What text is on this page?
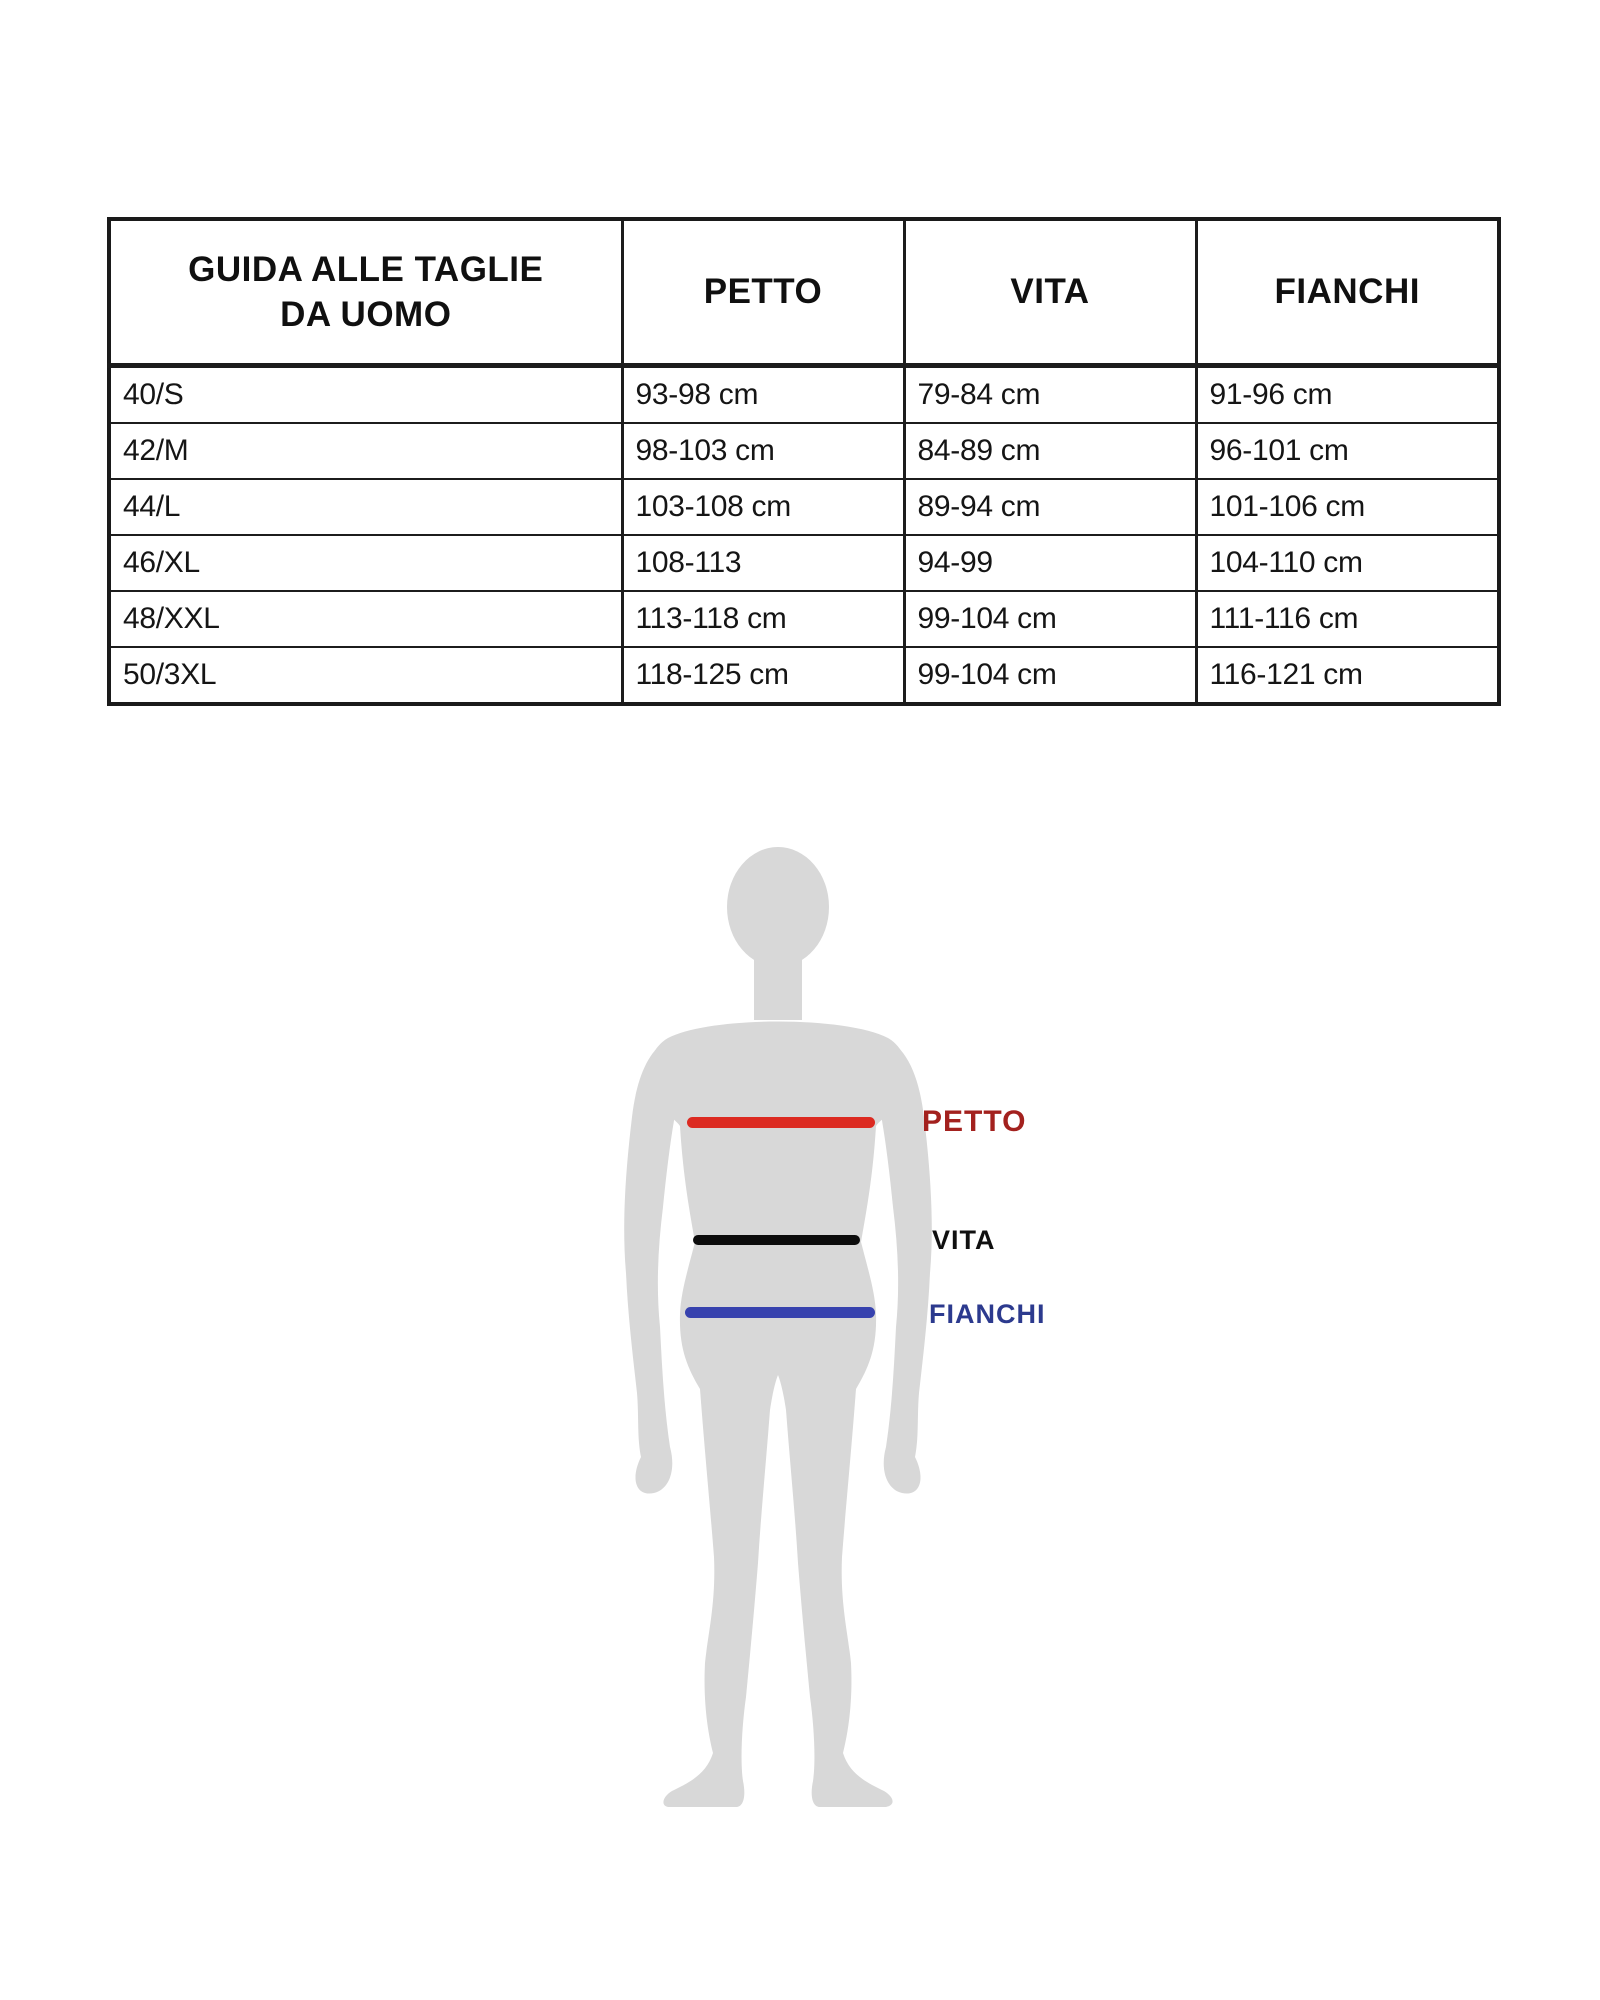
GUIDA ALLE TAGLIE
DA UOMO	PETTO	VITA	FIANCHI
40/S	93-98 cm	79-84 cm	91-96 cm
42/M	98-103 cm	84-89 cm	96-101 cm
44/L	103-108 cm	89-94 cm	101-106 cm
46/XL	108-113	94-99	104-110 cm
48/XXL	113-118 cm	99-104 cm	111-116 cm
50/3XL	118-125 cm	99-104 cm	116-121 cm
PETTO
VITA
FIANCHI
